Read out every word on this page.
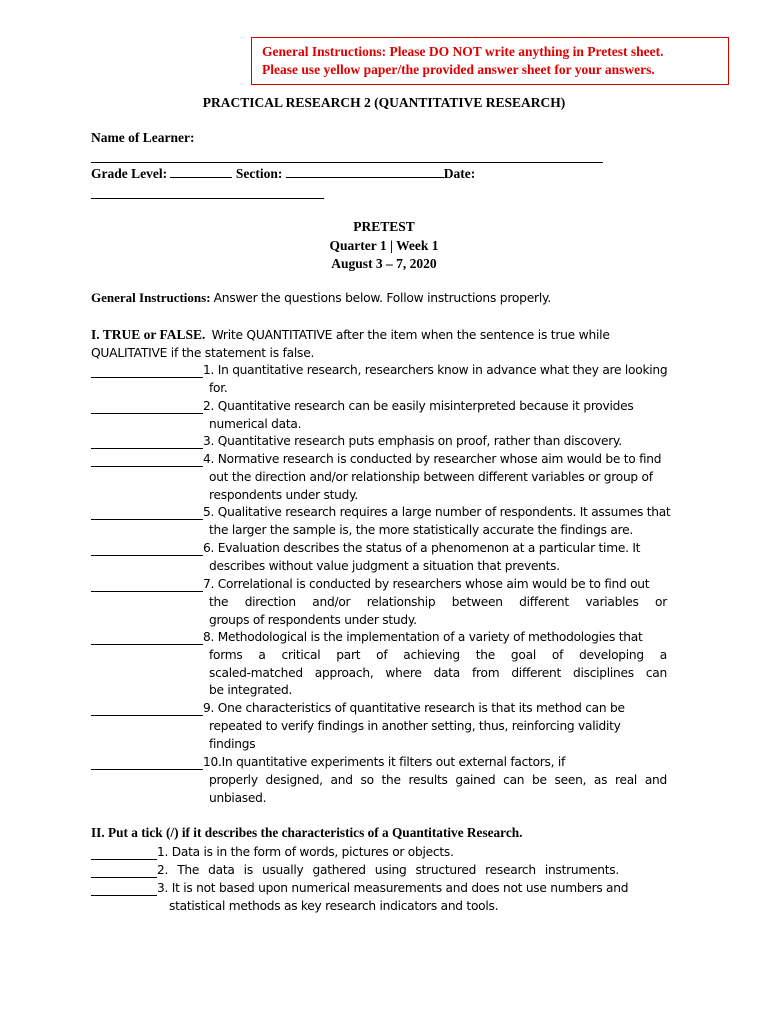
General Instructions: Please DO NOT write anything in Pretest sheet.
Please use yellow paper/the provided answer sheet for your answers.
PRACTICAL RESEARCH 2 (QUANTITATIVE RESEARCH)
Name of Learner:
Grade Level:	Section:	Date:
PRETEST
Quarter 1 | Week 1
August 3 – 7, 2020
General Instructions: Answer the questions below. Follow instructions properly.
I. TRUE or FALSE. Write QUANTITATIVE after the item when the sentence is true while
QUALITATIVE if the statement is false.
1. In quantitative research, researchers know in advance what they are looking
for.
2. Quantitative research can be easily misinterpreted because it provides
numerical data.
3. Quantitative research puts emphasis on proof, rather than discovery.
4. Normative research is conducted by researcher whose aim would be to find
out the direction and/or relationship between different variables or group of
respondents under study.
5. Qualitative research requires a large number of respondents. It assumes that
the larger the sample is, the more statistically accurate the findings are.
6. Evaluation describes the status of a phenomenon at a particular time. It
describes without value judgment a situation that prevents.
7. Correlational is conducted by researchers whose aim would be to find out
the direction and/or relationship between different variables or
groups of respondents under study.
8. Methodological is the implementation of a variety of methodologies that
forms a critical part of achieving the goal of developing a
scaled-matched approach, where data from different disciplines can
be integrated.
9. One characteristics of quantitative research is that its method can be
repeated to verify findings in another setting, thus, reinforcing validity
findings
10.In quantitative experiments it filters out external factors, if
properly designed, and so the results gained can be seen, as real and
unbiased.
II. Put a tick (/) if it describes the characteristics of a Quantitative Research.
1. Data is in the form of words, pictures or objects.
2. The data is usually gathered using structured research instruments.
3. It is not based upon numerical measurements and does not use numbers and
statistical methods as key research indicators and tools.
